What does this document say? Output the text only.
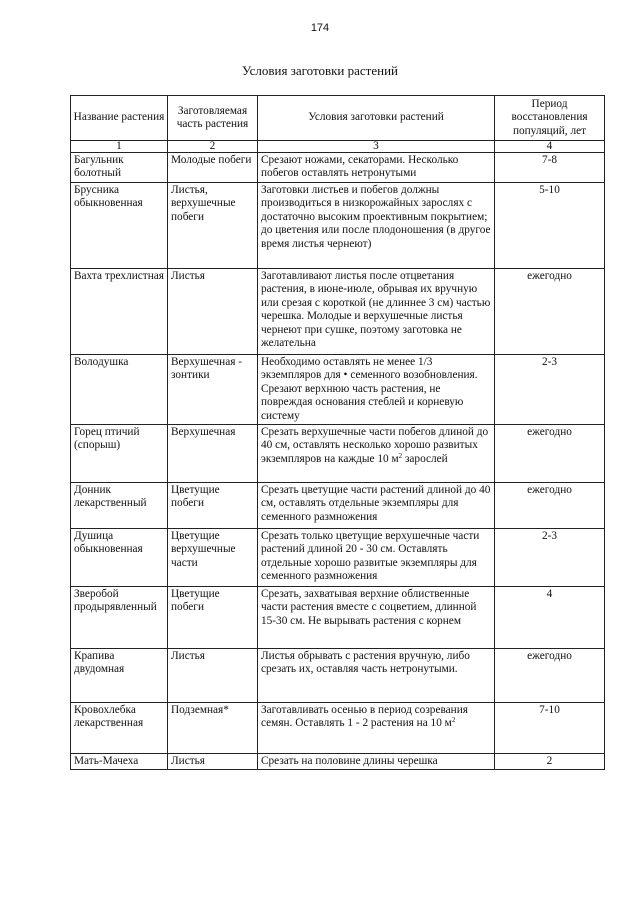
174
Условия заготовки растений
Название растения	Заготовляемая часть растения	Условия заготовки растений	Период восстановления популяций, лет
1	2	3	4
Багульник болотный	Молодые побеги	Срезают ножами, секаторами. Несколько побегов оставлять нетронутыми	7-8
Брусника обыкновенная	Листья, верхушечные побеги	Заготовки листьев и побегов должны производиться в низкорожайных зарослях с достаточно высоким проективным покрытием; до цветения или после плодоношения (в другое время листья чернеют)	5-10
Вахта трехлистная	Листья	Заготавливают листья после отцветания растения, в июне-июле, обрывая их вручную или срезая с короткой (не длиннее 3 см) частью черешка. Молодые и верхушечные листья чернеют при сушке, поэтому заготовка не желательна	ежегодно
Володушка	Верхушечная - зонтики	Необходимо оставлять не менее 1/3 экземпляров для • семенного возобновления. Срезают верхнюю часть растения, не повреждая основания стеблей и корневую систему	2-3
Горец птичий (спорыш)	Верхушечная	Срезать верхушечные части побегов длиной до 40 см, оставлять несколько хорошо развитых экземпляров на каждые 10 $м^2$ зарослей	ежегодно
Донник лекарственный	Цветущие побеги	Срезать цветущие части растений длиной до 40 см, оставлять отдельные экземпляры для семенного размножения	ежегодно
Душица обыкновенная	Цветущие верхушечные части	Срезать только цветущие верхушечные части растений длиной 20 - 30 см. Оставлять отдельные хорошо развитые экземпляры для семенного размножения	2-3
Зверобой продырявленный	Цветущие побеги	Срезать, захватывая верхние облиственные части растения вместе с соцветием, длинной 15-30 см. Не вырывать растения с корнем	4
Крапива двудомная	Листья	Листья обрывать с растения вручную, либо срезать их, оставляя часть нетронутыми.	ежегодно
Кровохлебка лекарственная	Подземная*	Заготавливать осенью в период созревания семян. Оставлять 1 - 2 растения на 10 $м^2$	7-10
Мать-Мачеха	Листья	Срезать на половине длины черешка	2
